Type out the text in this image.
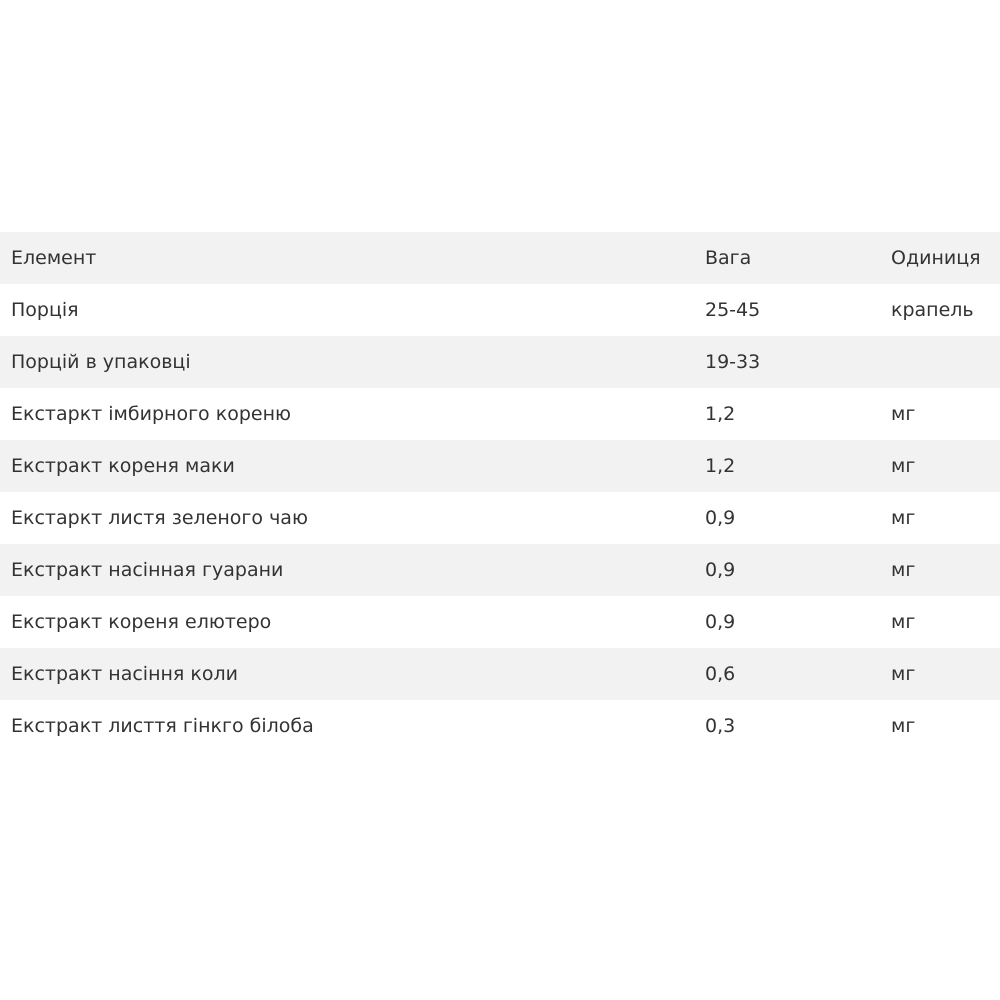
Елемент	Вага	Одиниця
Порція	25-45	крапель
Порцій в упаковці	19-33
Екстаркт імбирного кореню	1,2	мг
Екстракт кореня маки	1,2	мг
Екстаркт листя зеленого чаю	0,9	мг
Екстракт насінная гуарани	0,9	мг
Екстракт кореня елютеро	0,9	мг
Екстракт насіння коли	0,6	мг
Екстракт лисття гінкго білоба	0,3	мг
